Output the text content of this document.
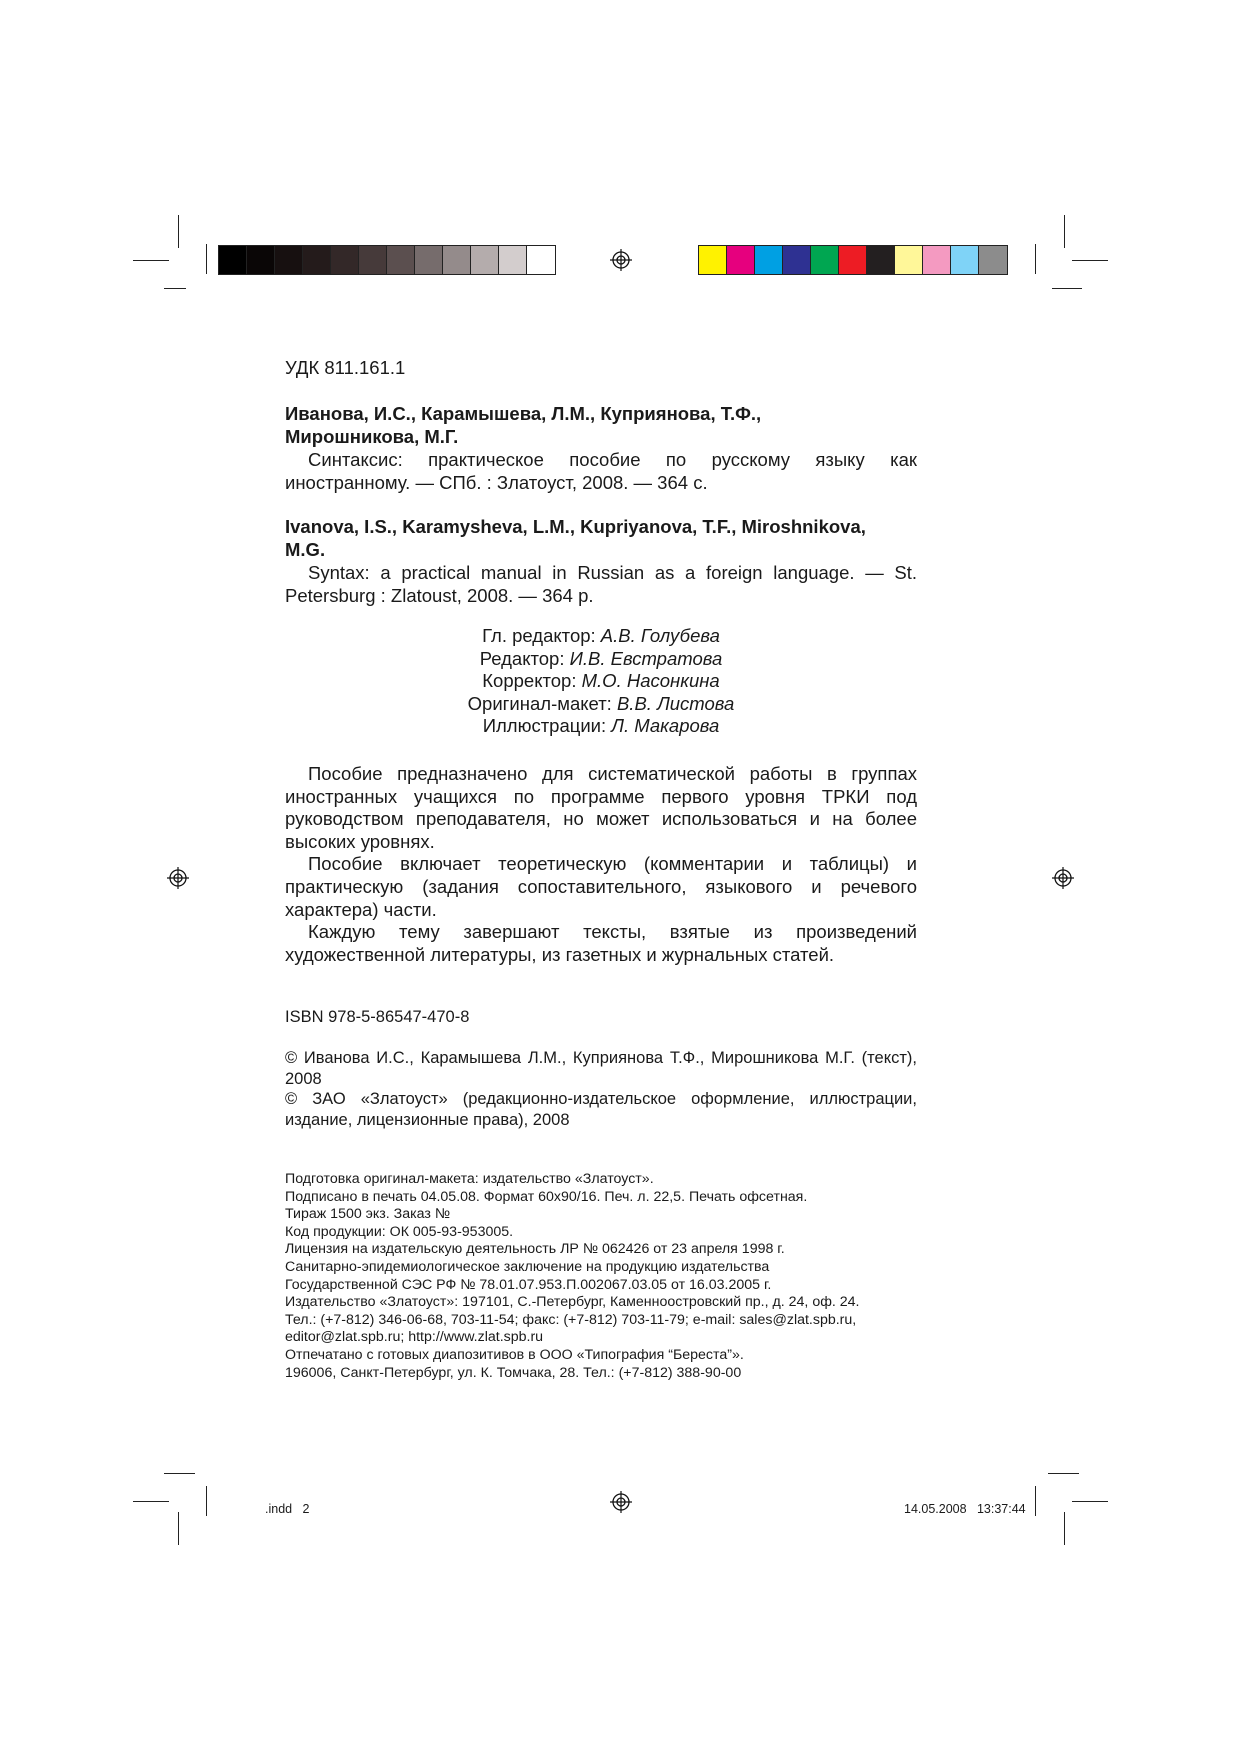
УДК 811.161.1
Иванова, И.С., Карамышева, Л.М., Куприянова, Т.Ф.,
Мирошникова, М.Г.

Синтаксис: практическое пособие по русскому языку как иностранному. — СПб. : Златоуст, 2008. — 364 с.

Ivanova, I.S., Karamysheva, L.M., Kupriyanova, T.F., Miroshnikova,
M.G.

Syntax: a practical manual in Russian as a foreign language. — St. Petersburg : Zlatoust, 2008. — 364 p.

Гл. редактор: А.В. Голубева
Редактор: И.В. Евстратова
Корректор: М.О. Насонкина
Оригинал-макет: В.В. Листова
Иллюстрации: Л. Макарова

Пособие предназначено для систематической работы в группах иностранных учащихся по программе первого уровня ТРКИ под руководством преподавателя, но может использоваться и на более высоких уровнях.

Пособие включает теоретическую (комментарии и таблицы) и практическую (задания сопоставительного, языкового и речевого характера) части.

Каждую тему завершают тексты, взятые из произведений художественной литературы, из газетных и журнальных статей.

ISBN 978-5-86547-470-8

© Иванова И.С., Карамышева Л.М., Куприянова Т.Ф., Мирошникова М.Г. (текст), 2008

© ЗАО «Златоуст» (редакционно-издательское оформление, иллюстрации, издание, лицензионные права), 2008

Подготовка оригинал-макета: издательство «Златоуст».
Подписано в печать 04.05.08. Формат 60х90/16. Печ. л. 22,5. Печать офсетная.
Тираж 1500 экз. Заказ №
Код продукции: ОК 005-93-953005.
Лицензия на издательскую деятельность ЛР № 062426 от 23 апреля 1998 г.
Санитарно-эпидемиологическое заключение на продукцию издательства
Государственной СЭС РФ № 78.01.07.953.П.002067.03.05 от 16.03.2005 г.
Издательство «Златоуст»: 197101, С.-Петербург, Каменноостровский пр., д. 24, оф. 24.
Тел.: (+7-812) 346-06-68, 703-11-54; факс: (+7-812) 703-11-79; e-mail: sales@zlat.spb.ru,
editor@zlat.spb.ru; http://www.zlat.spb.ru
Отпечатано с готовых диапозитивов в ООО «Типография “Береста”».
196006, Санкт-Петербург, ул. К. Томчака, 28. Тел.: (+7-812) 388-90-00
.indd   2	14.05.2008   13:37:44
